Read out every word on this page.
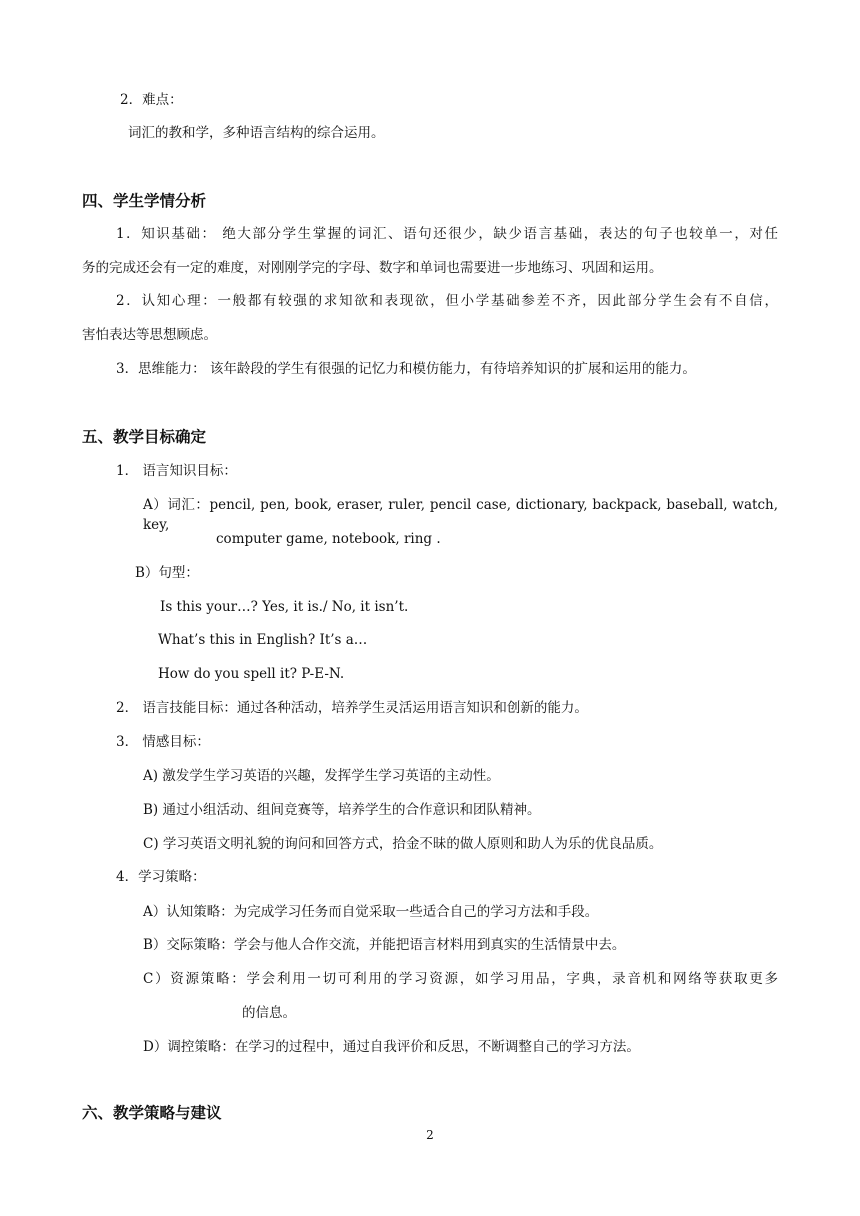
2．难点：
词汇的教和学，多种语言结构的综合运用。
四、学生学情分析
1．知识基础： 绝大部分学生掌握的词汇、语句还很少，缺少语言基础，表达的句子也较单一，对任
务的完成还会有一定的难度，对刚刚学完的字母、数字和单词也需要进一步地练习、巩固和运用。
2．认知心理：一般都有较强的求知欲和表现欲，但小学基础参差不齐，因此部分学生会有不自信，
害怕表达等思想顾虑。
3．思维能力： 该年龄段的学生有很强的记忆力和模仿能力，有待培养知识的扩展和运用的能力。
五、教学目标确定
1． 语言知识目标：
A）词汇：pencil, pen, book, eraser, ruler, pencil case, dictionary, backpack, baseball, watch, key,
computer game, notebook, ring .
B）句型：
Is this your…? Yes, it is./ No, it isn’t.
What’s this in English? It’s a…
How do you spell it? P-E-N.
2． 语言技能目标：通过各种活动，培养学生灵活运用语言知识和创新的能力。
3． 情感目标：
A) 激发学生学习英语的兴趣，发挥学生学习英语的主动性。
B) 通过小组活动、组间竞赛等，培养学生的合作意识和团队精神。
C) 学习英语文明礼貌的询问和回答方式，拾金不昧的做人原则和助人为乐的优良品质。
4．学习策略：
A）认知策略：为完成学习任务而自觉采取一些适合自己的学习方法和手段。
B）交际策略：学会与他人合作交流，并能把语言材料用到真实的生活情景中去。
C）资源策略：学会利用一切可利用的学习资源，如学习用品，字典，录音机和网络等获取更多
的信息。
D）调控策略：在学习的过程中，通过自我评价和反思，不断调整自己的学习方法。
六、教学策略与建议
2
